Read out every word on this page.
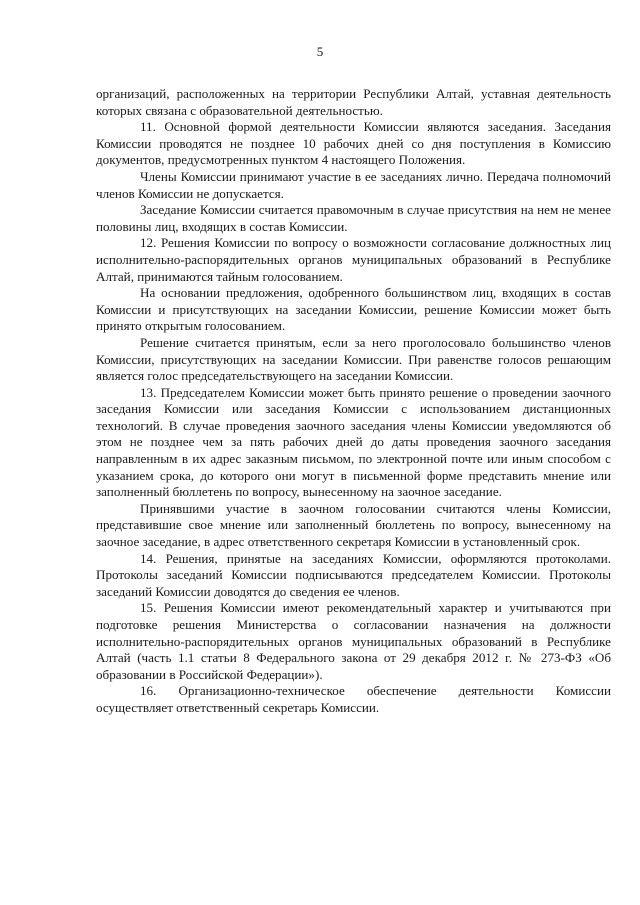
5

организаций, расположенных на территории Республики Алтай, уставная деятельность которых связана с образовательной деятельностью.

11. Основной формой деятельности Комиссии являются заседания. Заседания Комиссии проводятся не позднее 10 рабочих дней со дня поступления в Комиссию документов, предусмотренных пунктом 4 настоящего Положения.

Члены Комиссии принимают участие в ее заседаниях лично. Передача полномочий членов Комиссии не допускается.

Заседание Комиссии считается правомочным в случае присутствия на нем не менее половины лиц, входящих в состав Комиссии.

12. Решения Комиссии по вопросу о возможности согласование должностных лиц исполнительно-распорядительных органов муниципальных образований в Республике Алтай, принимаются тайным голосованием.

На основании предложения, одобренного большинством лиц, входящих в состав Комиссии и присутствующих на заседании Комиссии, решение Комиссии может быть принято открытым голосованием.

Решение считается принятым, если за него проголосовало большинство членов Комиссии, присутствующих на заседании Комиссии. При равенстве голосов решающим является голос председательствующего на заседании Комиссии.

13. Председателем Комиссии может быть принято решение о проведении заочного заседания Комиссии или заседания Комиссии с использованием дистанционных технологий. В случае проведения заочного заседания члены Комиссии уведомляются об этом не позднее чем за пять рабочих дней до даты проведения заочного заседания направленным в их адрес заказным письмом, по электронной почте или иным способом с указанием срока, до которого они могут в письменной форме представить мнение или заполненный бюллетень по вопросу, вынесенному на заочное заседание.

Принявшими участие в заочном голосовании считаются члены Комиссии, представившие свое мнение или заполненный бюллетень по вопросу, вынесенному на заочное заседание, в адрес ответственного секретаря Комиссии в установленный срок.

14. Решения, принятые на заседаниях Комиссии, оформляются протоколами. Протоколы заседаний Комиссии подписываются председателем Комиссии. Протоколы заседаний Комиссии доводятся до сведения ее членов.

15. Решения Комиссии имеют рекомендательный характер и учитываются при подготовке решения Министерства о согласовании назначения на должности исполнительно-распорядительных органов муниципальных образований в Республике Алтай (часть 1.1 статьи 8 Федерального закона от 29 декабря 2012 г. № 273-ФЗ «Об образовании в Российской Федерации»).

16. Организационно-техническое обеспечение деятельности Комиссии осуществляет ответственный секретарь Комиссии.
